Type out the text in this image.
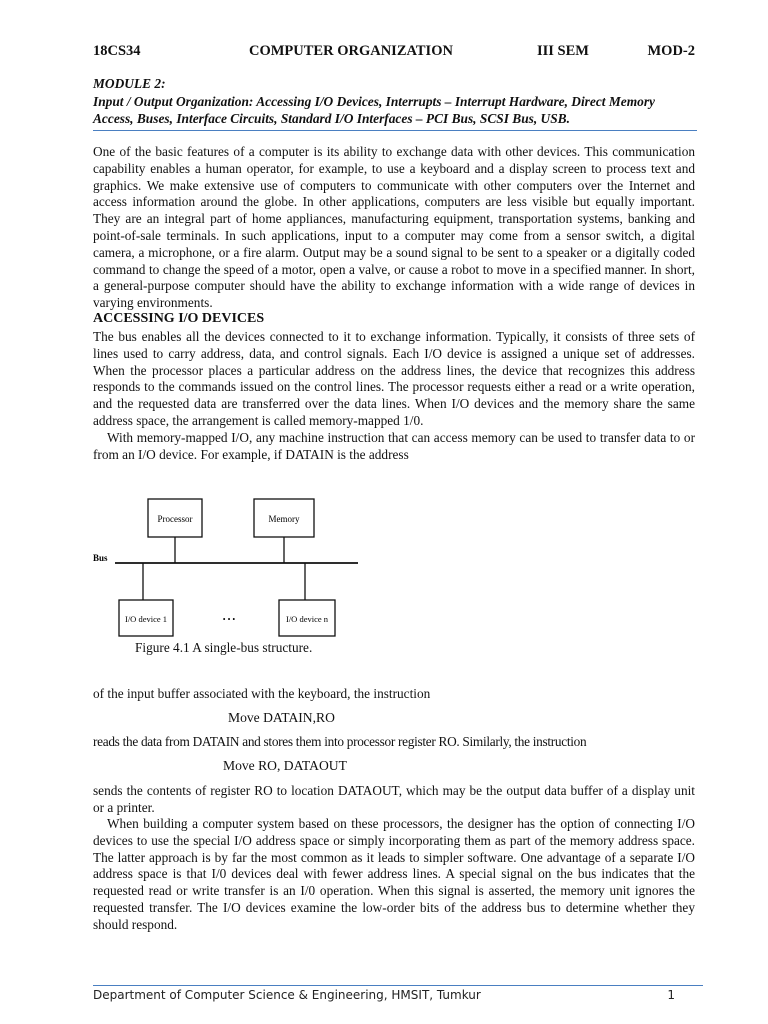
18CS34	COMPUTER ORGANIZATION	III SEM	MOD-2
MODULE 2:
Input / Output Organization: Accessing I/O Devices, Interrupts – Interrupt Hardware, Direct Memory Access, Buses, Interface Circuits, Standard I/O Interfaces – PCI Bus, SCSI Bus, USB.

One of the basic features of a computer is its ability to exchange data with other devices. This communication capability enables a human operator, for example, to use a keyboard and a display screen to process text and graphics. We make extensive use of computers to communicate with other computers over the Internet and access information around the globe. In other applications, computers are less visible but equally important. They are an integral part of home appliances, manufacturing equipment, transportation systems, banking and point-of-sale terminals. In such applications, input to a computer may come from a sensor switch, a digital camera, a microphone, or a fire alarm. Output may be a sound signal to be sent to a speaker or a digitally coded command to change the speed of a motor, open a valve, or cause a robot to move in a specified manner. In short, a general-purpose computer should have the ability to exchange information with a wide range of devices in varying environments.

ACCESSING I/O DEVICES

The bus enables all the devices connected to it to exchange information. Typically, it consists of three sets of lines used to carry address, data, and control signals. Each I/O device is assigned a unique set of addresses. When the processor places a particular address on the address lines, the device that recognizes this address responds to the commands issued on the control lines. The processor requests either a read or a write operation, and the requested data are transferred over the data lines. When I/O devices and the memory share the same address space, the arrangement is called memory-mapped 1/0.

With memory-mapped I/O, any machine instruction that can access memory can be used to transfer data to or from an I/O device. For example, if DATAIN is the address

Processor	Memory
Bus
I/O device 1	• • •	I/O device n
Figure 4.1 A single-bus structure.
of the input buffer associated with the keyboard, the instruction
Move DATAIN,RO
reads the data from DATAIN and stores them into processor register RO. Similarly, the instruction
Move RO, DATAOUT
sends the contents of register RO to location DATAOUT, which may be the output data buffer of a display unit or a printer.

When building a computer system based on these processors, the designer has the option of connecting I/O devices to use the special I/O address space or simply incorporating them as part of the memory address space. The latter approach is by far the most common as it leads to simpler software. One advantage of a separate I/O address space is that I/0 devices deal with fewer address lines. A special signal on the bus indicates that the requested read or write transfer is an I/0 operation. When this signal is asserted, the memory unit ignores the requested transfer. The I/O devices examine the low-order bits of the address bus to determine whether they should respond.

Department of Computer Science & Engineering, HMSIT, Tumkur	1
